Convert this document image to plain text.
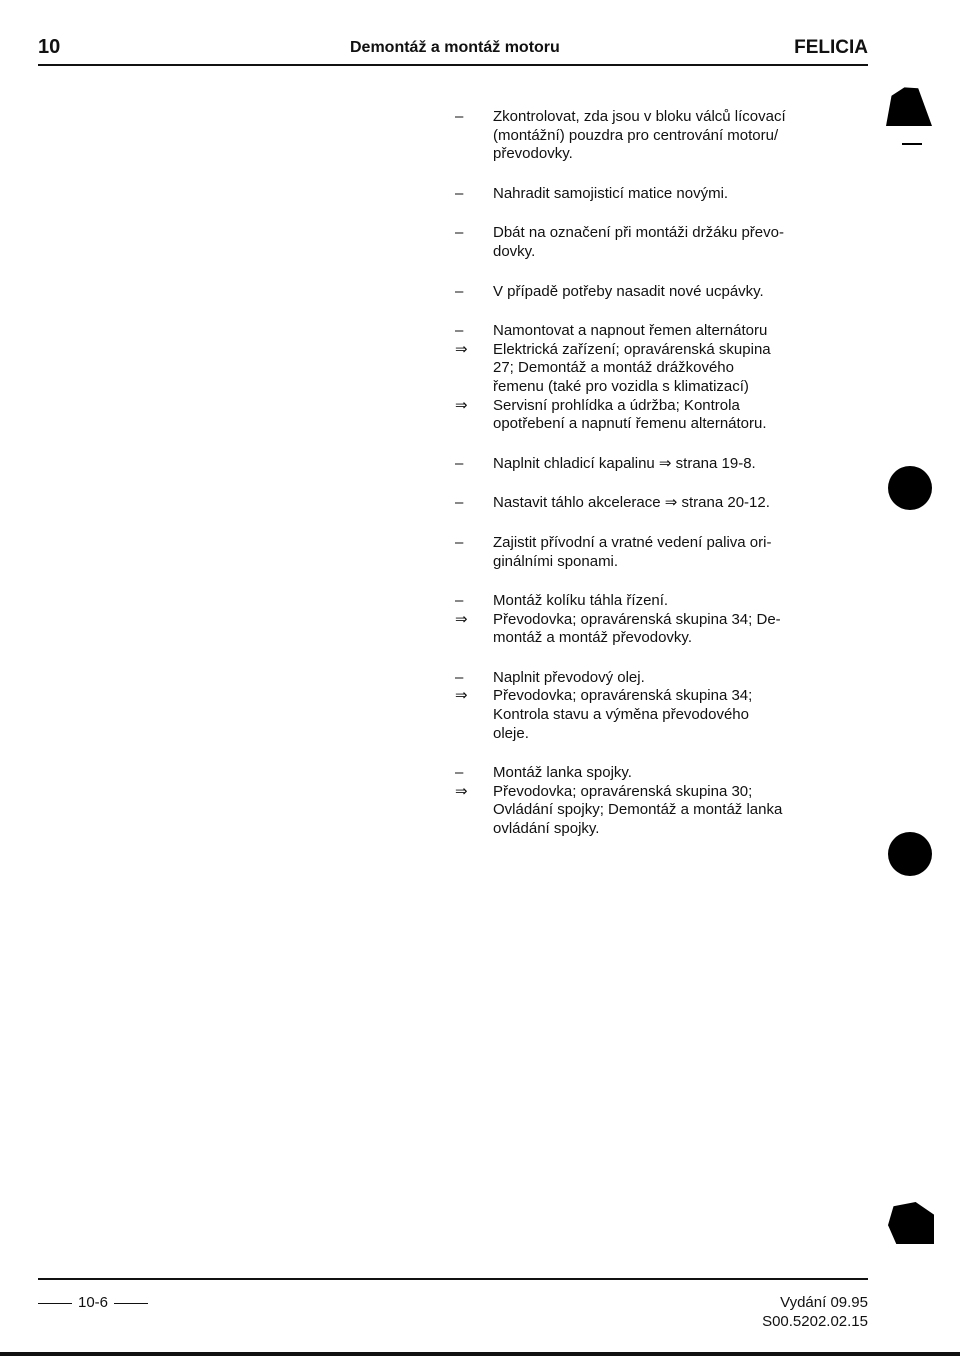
10	Demontáž a montáž motoru	FELICIA
–	Zkontrolovat, zda jsou v bloku válců lícovací
(montážní) pouzdra pro centrování motoru/
převodovky.
–	Nahradit samojisticí matice novými.
–	Dbát na označení při montáži držáku převo-
dovky.
–	V případě potřeby nasadit nové ucpávky.
–	Namontovat a napnout řemen alternátoru
⇒	Elektrická zařízení; opravárenská skupina
27; Demontáž a montáž drážkového
řemenu (také pro vozidla s klimatizací)
⇒	Servisní prohlídka a údržba; Kontrola
opotřebení a napnutí řemenu alternátoru.
–	Naplnit chladicí kapalinu ⇒ strana 19-8.
–	Nastavit táhlo akcelerace ⇒ strana 20-12.
–	Zajistit přívodní a vratné vedení paliva ori-
ginálními sponami.
–	Montáž kolíku táhla řízení.
⇒	Převodovka; opravárenská skupina 34; De-
montáž a montáž převodovky.
–	Naplnit převodový olej.
⇒	Převodovka; opravárenská skupina 34;
Kontrola stavu a výměna převodového
oleje.
–	Montáž lanka spojky.
⇒	Převodovka; opravárenská skupina 30;
Ovládání spojky; Demontáž a montáž lanka
ovládání spojky.
10-6	Vydání 09.95
S00.5202.02.15
